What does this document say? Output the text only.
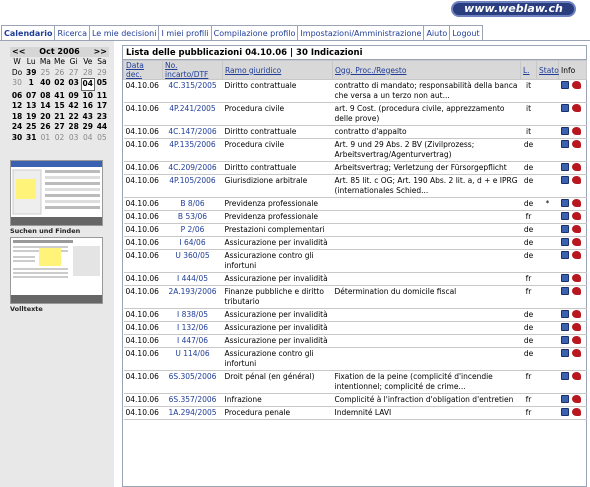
www.weblaw.ch
Calendario Ricerca Le mie decisioni I miei profili Compilazione profilo Impostazioni/Amministrazione Aiuto Logout
<< Oct 2006 >>
W Lu Ma Me Gi Ve Sa
Do 39 25 26 27 28 29
30 1 40 02 03 04 05
06 07 08 41 09 10 11
12 13 14 15 42 16 17
18 19 20 21 22 43 23
24 25 26 27 28 29 44
30 31 01 02 03 04 05
Suchen und Finden
Volltexte
Lista delle pubblicazioni 04.10.06 | 30 Indicazioni
Data dec.	No. incarto/DTF	Ramo giuridico	Ogg. Proc./Regesto	L.	Stato	Info
04.10.06	4C.315/2005	Diritto contrattuale	contratto di mandato; responsabilità della banca che versa a un terzo non aut...	it		
04.10.06	4P.241/2005	Procedura civile	art. 9 Cost. (procedura civile, apprezzamento delle prove)	it		
04.10.06	4C.147/2006	Diritto contrattuale	contratto d'appalto	it		
04.10.06	4P.135/2006	Procedura civile	Art. 9 und 29 Abs. 2 BV (Zivilprozess; Arbeitsvertrag/Agenturvertrag)	de		
04.10.06	4C.209/2006	Diritto contrattuale	Arbeitsvertrag; Verletzung der Fürsorgepflicht	de		
04.10.06	4P.105/2006	Giurisdizione arbitrale	Art. 85 lit. c OG; Art. 190 Abs. 2 lit. a, d + e IPRG (internationales Schied...	de		
04.10.06	B 8/06	Previdenza professionale		de	*	
04.10.06	B 53/06	Previdenza professionale		fr		
04.10.06	P 2/06	Prestazioni complementari		de		
04.10.06	I 64/06	Assicurazione per invalidità		de		
04.10.06	U 360/05	Assicurazione contro gli infortuni		de		
04.10.06	I 444/05	Assicurazione per invalidità		fr		
04.10.06	2A.193/2006	Finanze pubbliche e diritto tributario	Détermination du domicile fiscal	fr		
04.10.06	I 838/05	Assicurazione per invalidità		de		
04.10.06	I 132/06	Assicurazione per invalidità		de		
04.10.06	I 447/06	Assicurazione per invalidità		de		
04.10.06	U 114/06	Assicurazione contro gli infortuni		de		
04.10.06	6S.305/2006	Droit pénal (en général)	Fixation de la peine (complicité d'incendie intentionnel; complicité de crime...	fr		
04.10.06	6S.357/2006	Infrazione	Complicité à l'infraction d'obligation d'entretien	fr		
04.10.06	1A.294/2005	Procedura penale	Indemnité LAVI	fr		
